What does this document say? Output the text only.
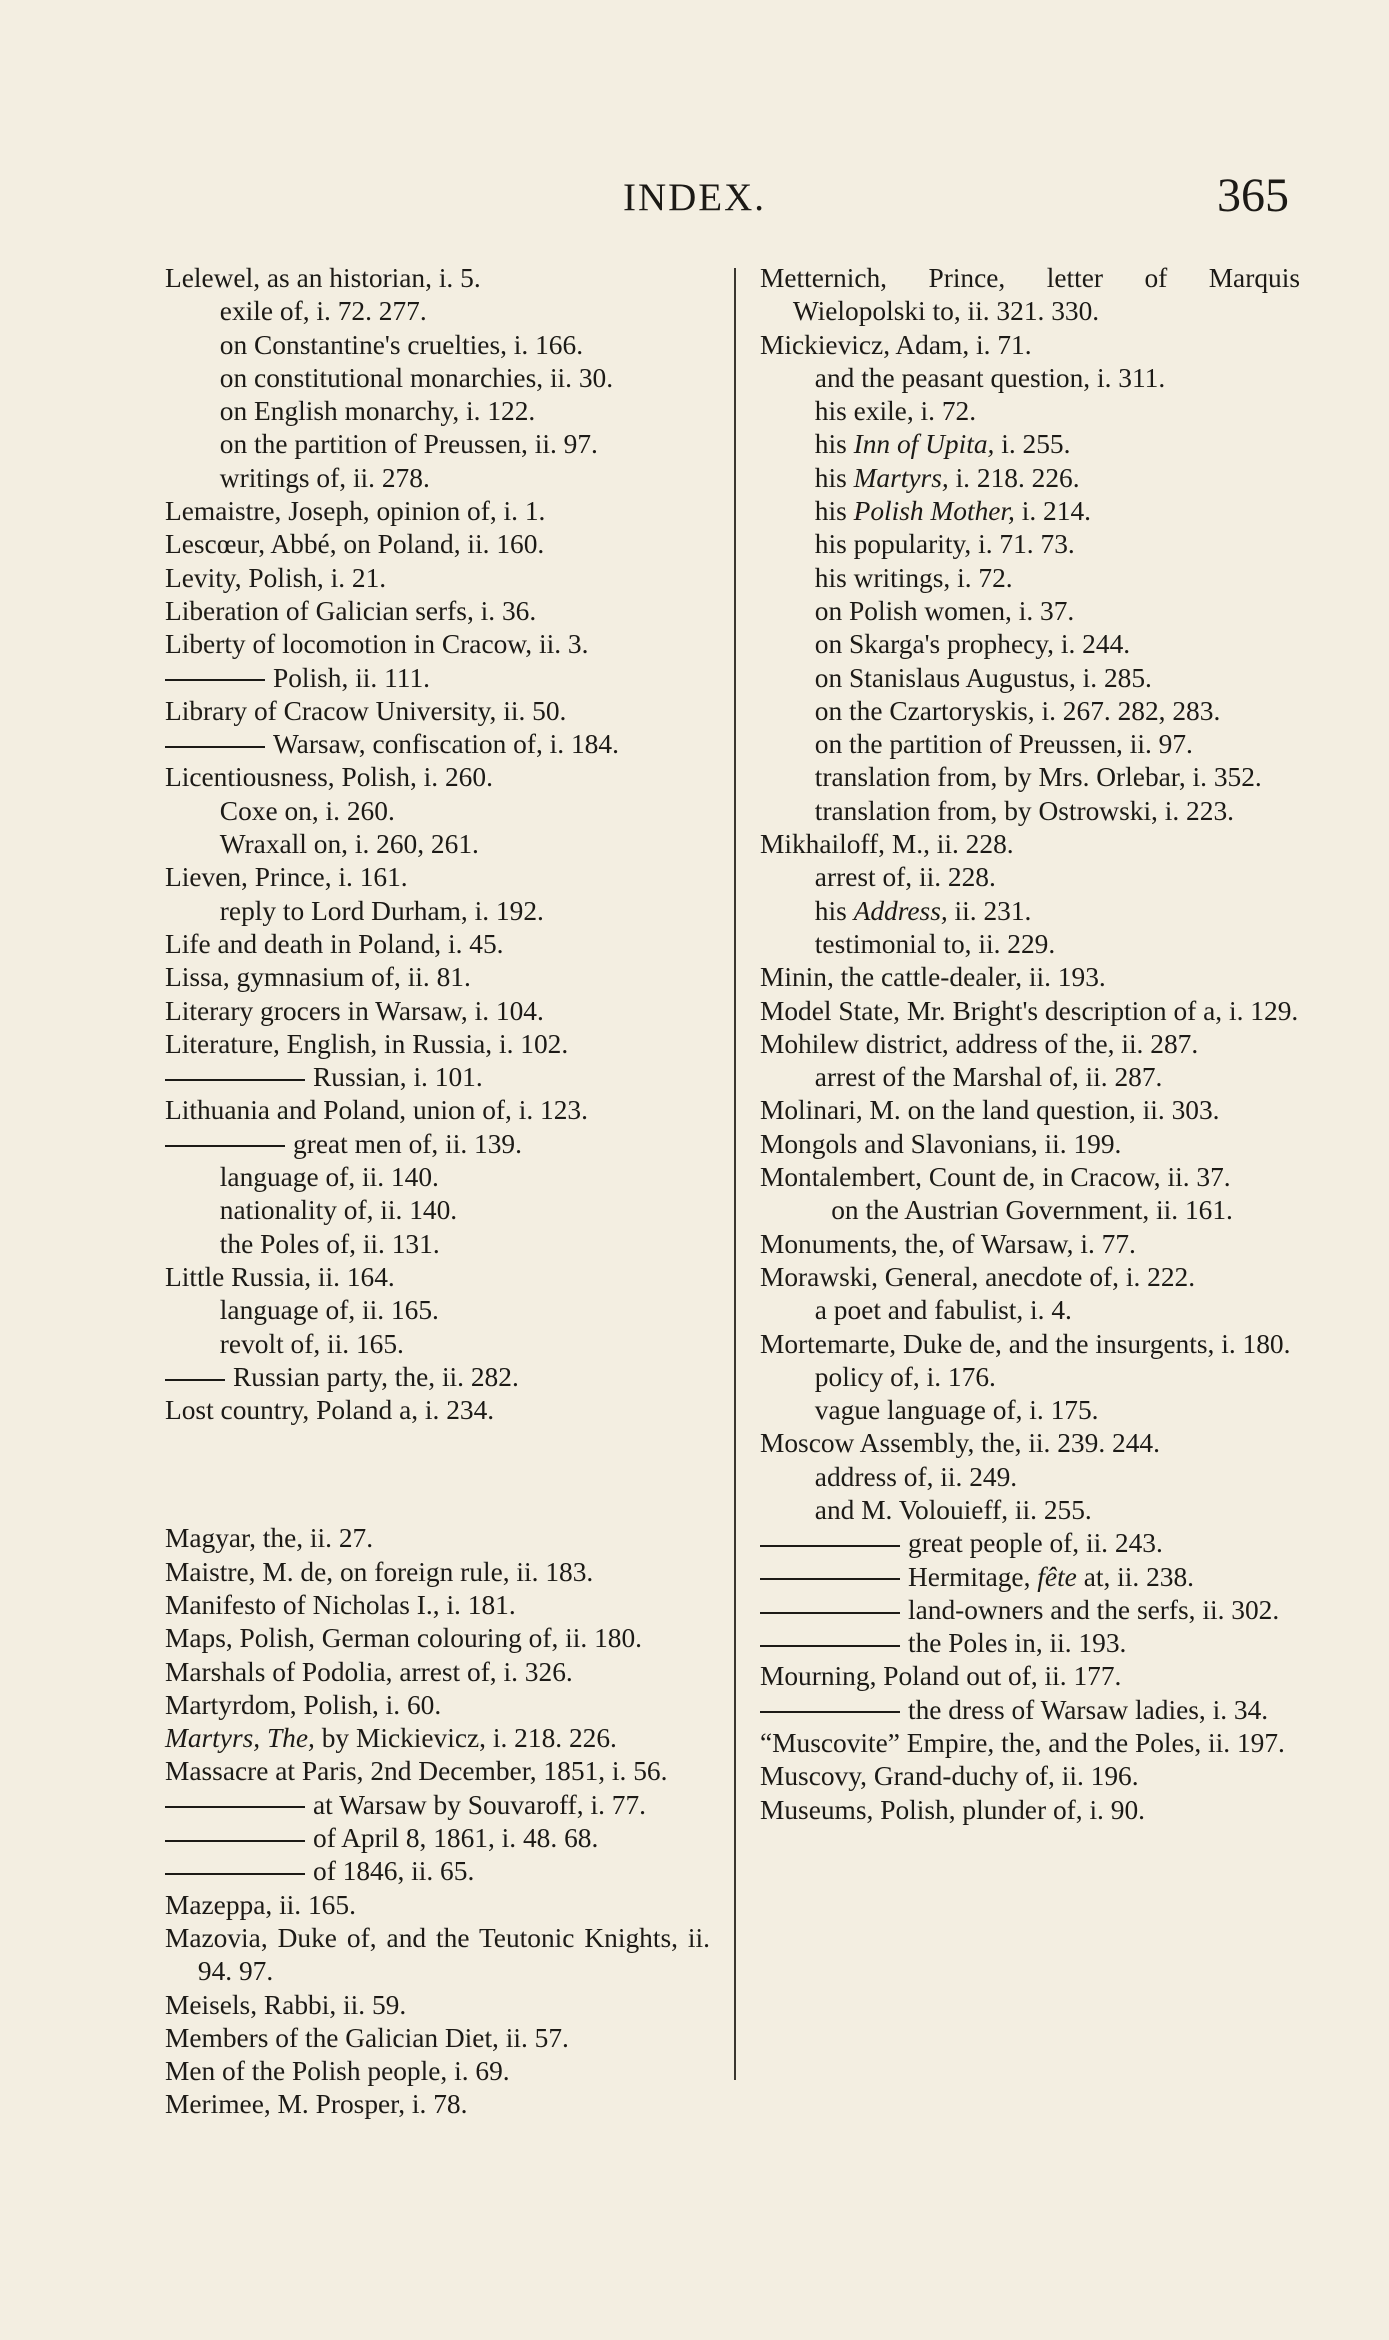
INDEX.	365

Lelewel, as an historian, i. 5.

exile of, i. 72. 277.

on Constantine's cruelties, i. 166.

on constitutional monarchies, ii. 30.

on English monarchy, i. 122.

on the partition of Preussen, ii. 97.

writings of, ii. 278.

Lemaistre, Joseph, opinion of, i. 1.

Lescœur, Abbé, on Poland, ii. 160.

Levity, Polish, i. 21.

Liberation of Galician serfs, i. 36.

Liberty of locomotion in Cracow, ii. 3.

Polish, ii. 111.

Library of Cracow University, ii. 50.

Warsaw, confiscation of, i. 184.

Licentiousness, Polish, i. 260.

Coxe on, i. 260.

Wraxall on, i. 260, 261.

Lieven, Prince, i. 161.

reply to Lord Durham, i. 192.

Life and death in Poland, i. 45.

Lissa, gymnasium of, ii. 81.

Literary grocers in Warsaw, i. 104.

Literature, English, in Russia, i. 102.

Russian, i. 101.

Lithuania and Poland, union of, i. 123.

great men of, ii. 139.

language of, ii. 140.

nationality of, ii. 140.

the Poles of, ii. 131.

Little Russia, ii. 164.

language of, ii. 165.

revolt of, ii. 165.

Russian party, the, ii. 282.

Lost country, Poland a, i. 234.

Magyar, the, ii. 27.

Maistre, M. de, on foreign rule, ii. 183.

Manifesto of Nicholas I., i. 181.

Maps, Polish, German colouring of, ii. 180.

Marshals of Podolia, arrest of, i. 326.

Martyrdom, Polish, i. 60.

Martyrs, The, by Mickievicz, i. 218. 226.

Massacre at Paris, 2nd December, 1851, i. 56.

at Warsaw by Souvaroff, i. 77.

of April 8, 1861, i. 48. 68.

of 1846, ii. 65.

Mazeppa, ii. 165.

Mazovia, Duke of, and the Teutonic Knights, ii. 94. 97.

Meisels, Rabbi, ii. 59.

Members of the Galician Diet, ii. 57.

Men of the Polish people, i. 69.

Merimee, M. Prosper, i. 78.

Metternich, Prince, letter of Marquis Wielopolski to, ii. 321. 330.

Mickievicz, Adam, i. 71.

and the peasant question, i. 311.

his exile, i. 72.

his Inn of Upita, i. 255.

his Martyrs, i. 218. 226.

his Polish Mother, i. 214.

his popularity, i. 71. 73.

his writings, i. 72.

on Polish women, i. 37.

on Skarga's prophecy, i. 244.

on Stanislaus Augustus, i. 285.

on the Czartoryskis, i. 267. 282, 283.

on the partition of Preussen, ii. 97.

translation from, by Mrs. Orlebar, i. 352.

translation from, by Ostrowski, i. 223.

Mikhailoff, M., ii. 228.

arrest of, ii. 228.

his Address, ii. 231.

testimonial to, ii. 229.

Minin, the cattle-dealer, ii. 193.

Model State, Mr. Bright's description of a, i. 129.

Mohilew district, address of the, ii. 287.

arrest of the Marshal of, ii. 287.

Molinari, M. on the land question, ii. 303.

Mongols and Slavonians, ii. 199.

Montalembert, Count de, in Cracow, ii. 37.

on the Austrian Government, ii. 161.

Monuments, the, of Warsaw, i. 77.

Morawski, General, anecdote of, i. 222.

a poet and fabulist, i. 4.

Mortemarte, Duke de, and the insurgents, i. 180.

policy of, i. 176.

vague language of, i. 175.

Moscow Assembly, the, ii. 239. 244.

address of, ii. 249.

and M. Volouieff, ii. 255.

great people of, ii. 243.

Hermitage, fête at, ii. 238.

land-owners and the serfs, ii. 302.

the Poles in, ii. 193.

Mourning, Poland out of, ii. 177.

the dress of Warsaw ladies, i. 34.

“Muscovite” Empire, the, and the Poles, ii. 197.

Muscovy, Grand-duchy of, ii. 196.

Museums, Polish, plunder of, i. 90.
